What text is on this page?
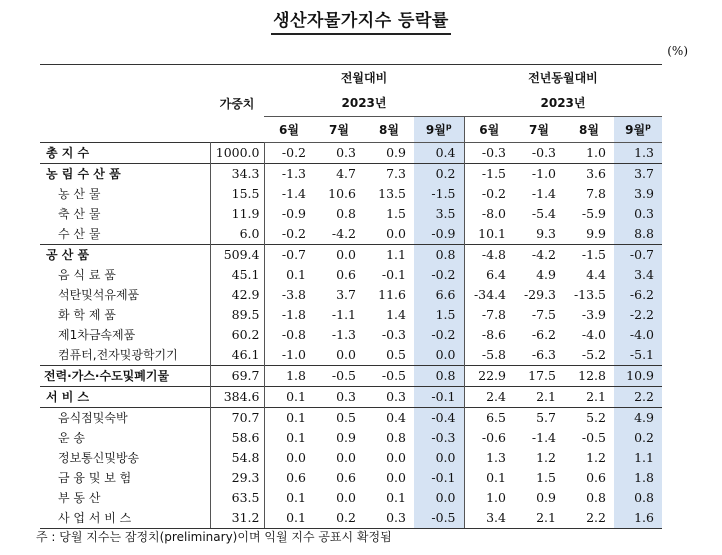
생산자물가지수 등락률
(%)
	가중치	전월대비				전년동월대비			
		2023년				2023년			
		6월	7월	8월	9월$^p$	6월	7월	8월	9월$^p$
총 지 수	1000.0	-0.2	0.3	0.9	0.4	-0.3	-0.3	1.0	1.3
농 림 수 산 품	34.3	-1.3	4.7	7.3	0.2	-1.5	-1.0	3.6	3.7
농 산 물	15.5	-1.4	10.6	13.5	-1.5	-0.2	-1.4	7.8	3.9
축 산 물	11.9	-0.9	0.8	1.5	3.5	-8.0	-5.4	-5.9	0.3
수 산 물	6.0	-0.2	-4.2	0.0	-0.9	10.1	9.3	9.9	8.8
공 산 품	509.4	-0.7	0.0	1.1	0.8	-4.8	-4.2	-1.5	-0.7
음 식 료 품	45.1	0.1	0.6	-0.1	-0.2	6.4	4.9	4.4	3.4
석탄및석유제품	42.9	-3.8	3.7	11.6	6.6	-34.4	-29.3	-13.5	-6.2
화 학 제 품	89.5	-1.8	-1.1	1.4	1.5	-7.8	-7.5	-3.9	-2.2
제1차금속제품	60.2	-0.8	-1.3	-0.3	-0.2	-8.6	-6.2	-4.0	-4.0
컴퓨터,전자및광학기기	46.1	-1.0	0.0	0.5	0.0	-5.8	-6.3	-5.2	-5.1
전력·가스·수도및폐기물	69.7	1.8	-0.5	-0.5	0.8	22.9	17.5	12.8	10.9
서 비 스	384.6	0.1	0.3	0.3	-0.1	2.4	2.1	2.1	2.2
음식점및숙박	70.7	0.1	0.5	0.4	-0.4	6.5	5.7	5.2	4.9
운 송	58.6	0.1	0.9	0.8	-0.3	-0.6	-1.4	-0.5	0.2
정보통신및방송	54.8	0.0	0.0	0.0	0.0	1.3	1.2	1.2	1.1
금 융 및 보 험	29.3	0.6	0.6	0.0	-0.1	0.1	1.5	0.6	1.8
부 동 산	63.5	0.1	0.0	0.1	0.0	1.0	0.9	0.8	0.8
사 업 서 비 스	31.2	0.1	0.2	0.3	-0.5	3.4	2.1	2.2	1.6
주 : 당월 지수는 잠정치(preliminary)이며 익월 지수 공표시 확정됨
